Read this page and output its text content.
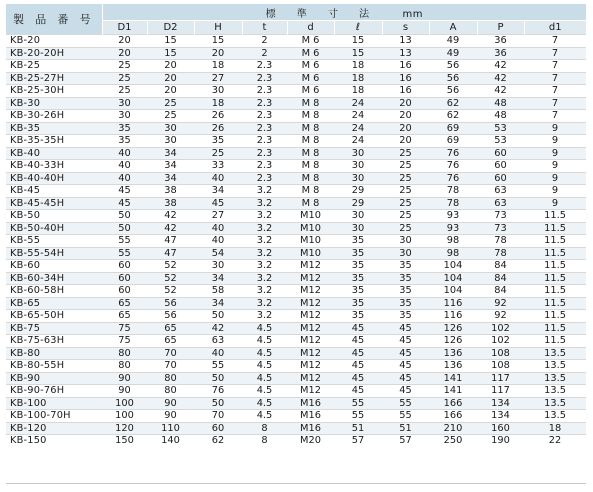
製 品 番 号	標 準 寸 法 mm									
	D1	D2	H	t	d	ℓ	s	A	P	d1
KB-20	20	15	15	2	M 6	15	13	49	36	7
KB-20-20H	20	15	20	2	M 6	15	13	49	36	7
KB-25	25	20	18	2.3	M 6	18	16	56	42	7
KB-25-27H	25	20	27	2.3	M 6	18	16	56	42	7
KB-25-30H	25	20	30	2.3	M 6	18	16	56	42	7
KB-30	30	25	18	2.3	M 8	24	20	62	48	7
KB-30-26H	30	25	26	2.3	M 8	24	20	62	48	7
KB-35	35	30	26	2.3	M 8	24	20	69	53	9
KB-35-35H	35	30	35	2.3	M 8	24	20	69	53	9
KB-40	40	34	25	2.3	M 8	30	25	76	60	9
KB-40-33H	40	34	33	2.3	M 8	30	25	76	60	9
KB-40-40H	40	34	40	2.3	M 8	30	25	76	60	9
KB-45	45	38	34	3.2	M 8	29	25	78	63	9
KB-45-45H	45	38	45	3.2	M 8	29	25	78	63	9
KB-50	50	42	27	3.2	M10	30	25	93	73	11.5
KB-50-40H	50	42	40	3.2	M10	30	25	93	73	11.5
KB-55	55	47	40	3.2	M10	35	30	98	78	11.5
KB-55-54H	55	47	54	3.2	M10	35	30	98	78	11.5
KB-60	60	52	30	3.2	M12	35	35	104	84	11.5
KB-60-34H	60	52	34	3.2	M12	35	35	104	84	11.5
KB-60-58H	60	52	58	3.2	M12	35	35	104	84	11.5
KB-65	65	56	34	3.2	M12	35	35	116	92	11.5
KB-65-50H	65	56	50	3.2	M12	35	35	116	92	11.5
KB-75	75	65	42	4.5	M12	45	45	126	102	11.5
KB-75-63H	75	65	63	4.5	M12	45	45	126	102	11.5
KB-80	80	70	40	4.5	M12	45	45	136	108	13.5
KB-80-55H	80	70	55	4.5	M12	45	45	136	108	13.5
KB-90	90	80	50	4.5	M12	45	45	141	117	13.5
KB-90-76H	90	80	76	4.5	M12	45	45	141	117	13.5
KB-100	100	90	50	4.5	M16	55	55	166	134	13.5
KB-100-70H	100	90	70	4.5	M16	55	55	166	134	13.5
KB-120	120	110	60	8	M16	51	51	210	160	18
KB-150	150	140	62	8	M20	57	57	250	190	22
